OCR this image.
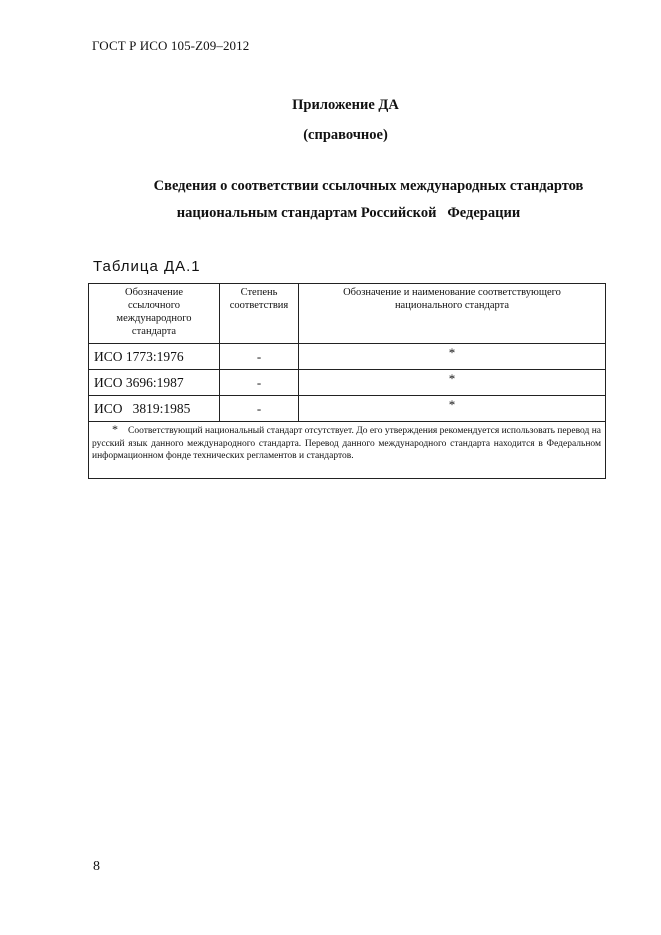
ГОСТ Р ИСО 105-Z09–2012
Приложение ДА
(справочное)
Сведения о соответствии ссылочных международных стандартов
национальным стандартам Российской   Федерации
Таблица ДА.1
Обозначение ссылочного международного стандарта	Степень соответствия	Обозначение и наименование соответствующего национального стандарта

ИСО 1773:1976	-	*
ИСО 3696:1987	-	*
ИСО   3819:1985	-	*
* Соответствующий национальный стандарт отсутствует. До его утверждения рекомендуется использовать перевод на русский язык данного международного стандарта. Перевод данного международного стандарта находится в Федеральном информационном фонде технических регламентов и стандартов.		
8
